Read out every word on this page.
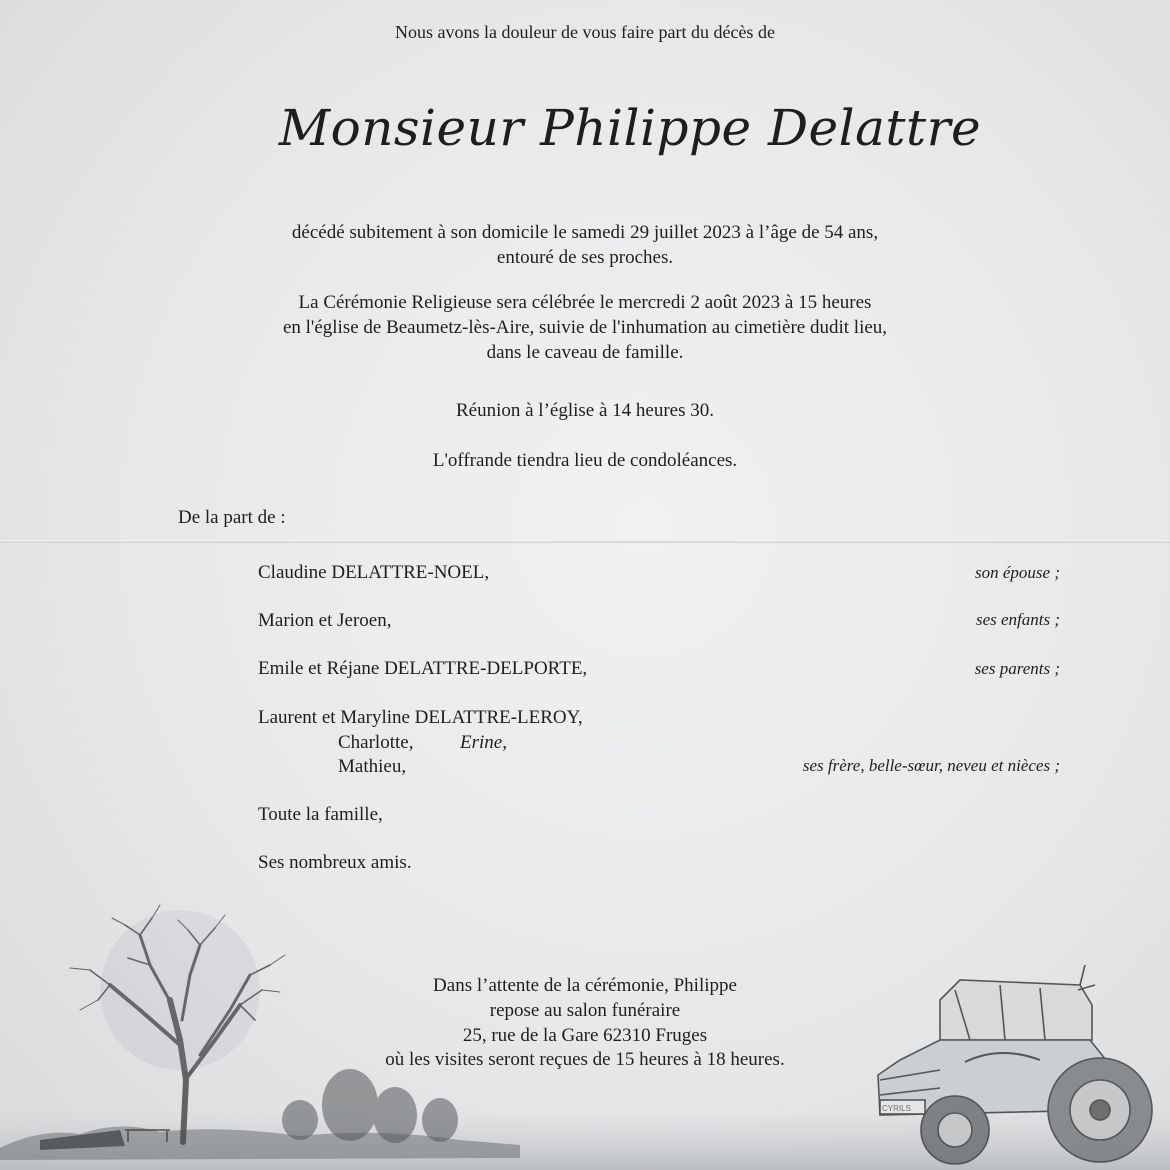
CYRILS
Nous avons la douleur de vous faire part du décès de
Monsieur Philippe Delattre
décédé subitement à son domicile le samedi 29 juillet 2023 à l’âge de 54 ans,
entouré de ses proches.
La Cérémonie Religieuse sera célébrée le mercredi 2 août 2023 à 15 heures
en l'église de Beaumetz-lès-Aire, suivie de l'inhumation au cimetière dudit lieu,
dans le caveau de famille.
Réunion à l’église à 14 heures 30.
L'offrande tiendra lieu de condoléances.
De la part de :
Claudine DELATTRE-NOEL,	son épouse ;
Marion et Jeroen,	ses enfants ;
Emile et Réjane DELATTRE-DELPORTE,	ses parents ;
Laurent et Maryline DELATTRE-LEROY,
Charlotte, Erine,
Mathieu,	ses frère, belle-sœur, neveu et nièces ;
Toute la famille,
Ses nombreux amis.
Dans l’attente de la cérémonie, Philippe
repose au salon funéraire
25, rue de la Gare 62310 Fruges
où les visites seront reçues de 15 heures à 18 heures.
